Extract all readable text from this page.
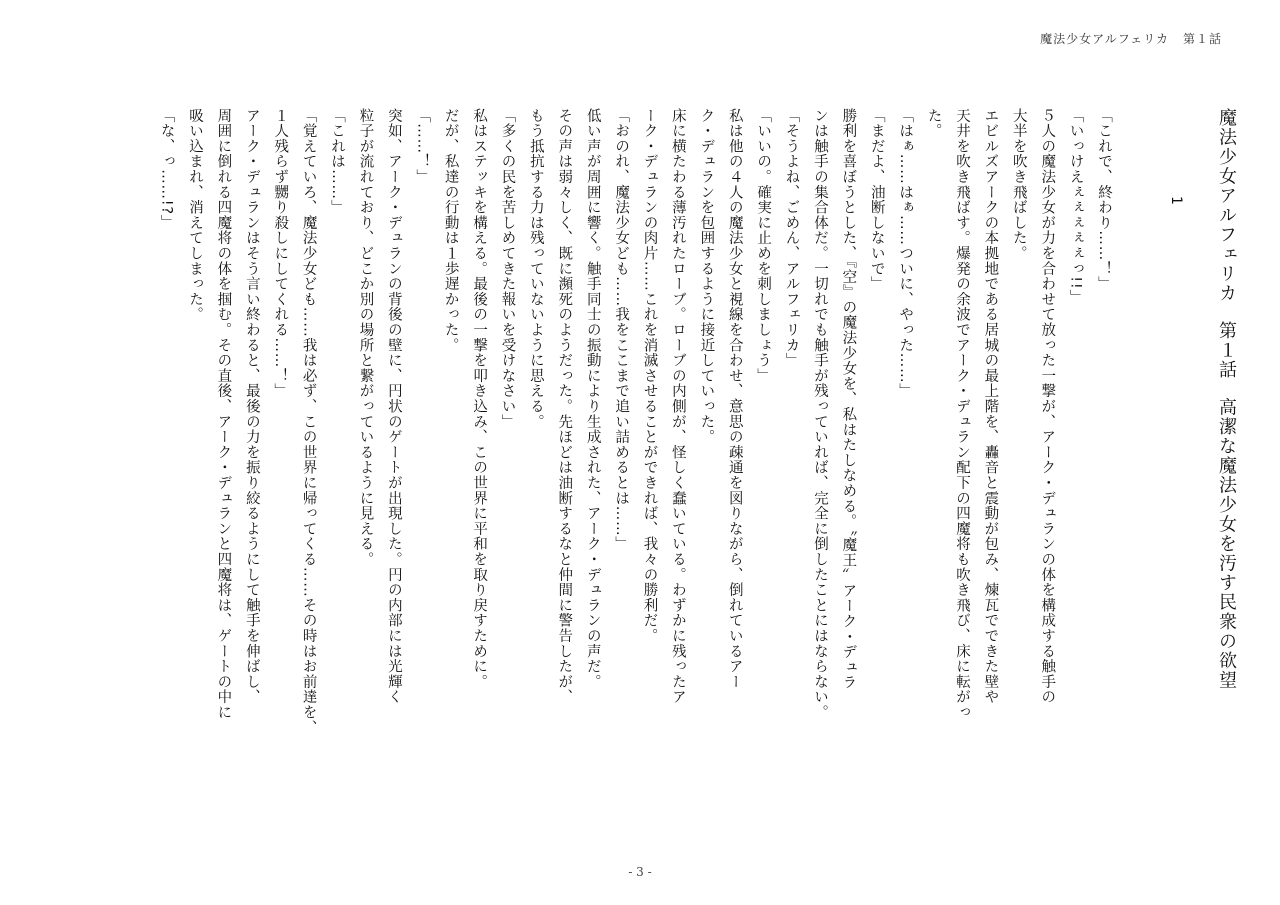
魔法少女アルフェリカ 第１話
魔法少女アルフェリカ第１話高潔な魔法少女を汚す民衆の欲望
1

「これで、終わり……！」

「いっけえぇぇぇぇぇっ!!」

５人の魔法少女が力を合わせて放った一撃が、アーク・デュランの体を構成する触手の

大半を吹き飛ばした。

エビルズアークの本拠地である居城の最上階を、轟音と震動が包み、煉瓦でできた壁や

天井を吹き飛ばす。爆発の余波でアーク・デュラン配下の四魔将も吹き飛び、床に転がっ

た。

「はぁ……はぁ……ついに、やった……」

「まだよ、油断しないで」

勝利を喜ぼうとした、『空』の魔法少女を、私はたしなめる。〝魔王〟アーク・デュラ

ンは触手の集合体だ。一切れでも触手が残っていれば、完全に倒したことにはならない。

「そうよね、ごめん、アルフェリカ」

「いいの。確実に止めを刺しましょう」

私は他の４人の魔法少女と視線を合わせ、意思の疎通を図りながら、倒れているアー

ク・デュランを包囲するように接近していった。

床に横たわる薄汚れたローブ。ローブの内側が、怪しく蠢いている。わずかに残ったア

ーク・デュランの肉片……これを消滅させることができれば、我々の勝利だ。

「おのれ、魔法少女ども……我をここまで追い詰めるとは……」

低い声が周囲に響く。触手同士の振動により生成された、アーク・デュランの声だ。

その声は弱々しく、既に瀕死のようだった。先ほどは油断するなと仲間に警告したが、

もう抵抗する力は残っていないように思える。

「多くの民を苦しめてきた報いを受けなさい」

私はステッキを構える。最後の一撃を叩き込み、この世界に平和を取り戻すために。

だが、私達の行動は１歩遅かった。

「……！」

突如、アーク・デュランの背後の壁に、円状のゲートが出現した。円の内部には光輝く

粒子が流れており、どこか別の場所と繋がっているように見える。

「これは……」

「覚えていろ、魔法少女ども……我は必ず、この世界に帰ってくる……その時はお前達を、

１人残らず嬲り殺しにしてくれる……！」

アーク・デュランはそう言い終わると、最後の力を振り絞るようにして触手を伸ばし、

周囲に倒れる四魔将の体を掴む。その直後、アーク・デュランと四魔将は、ゲートの中に

吸い込まれ、消えてしまった。

「な、っ……!?」

- 3 -
